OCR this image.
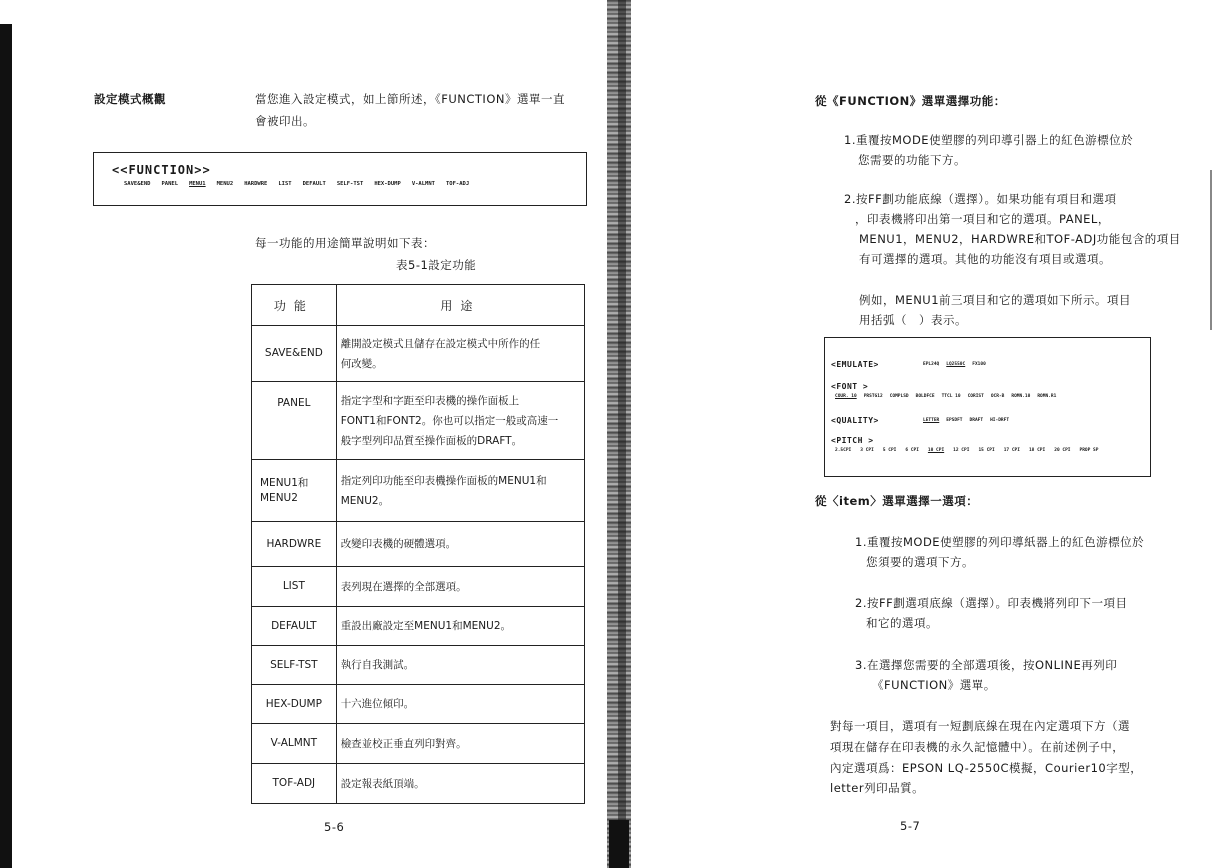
設定模式概觀	當您進入設定模式，如上節所述，《FUNCTION》選單一直
會被印出。
<<FUNCTION>>
SAVE&END PANEL MENU1 MENU2 HARDWRE LIST DEFAULT SELF-TST HEX-DUMP V-ALMNT TOF-ADJ
每一功能的用途簡單說明如下表：
表5-1設定功能
功能	用途
SAVE&END	離開設定模式且儲存在設定模式中所作的任
何改變。

PANEL	指定字型和字距至印表機的操作面板上
FONT1和FONT2。你也可以指定一般或高速一
般字型列印品質至操作面板的DRAFT。

MENU1和 MENU2	指定列印功能至印表機操作面板的MENU1和
MENU2。

HARDWRE	改變印表機的硬體選項。
LIST	表列現在選擇的全部選項。
DEFAULT	重設出廠設定至MENU1和MENU2。
SELF-TST	執行自我測試。
HEX-DUMP	十六進位傾印。
V-ALMNT	檢查並校正垂直列印對齊。
TOF-ADJ	設定報表紙頂端。
5-6
從《FUNCTION》選單選擇功能：
1.重覆按MODE使塑膠的列印導引器上的紅色游標位於
您需要的功能下方。
2.按FF劃功能底線（選擇）。如果功能有項目和選項
，印表機將印出第一項目和它的選項。PANEL，
MENU1，MENU2，HARDWRE和TOF-ADJ功能包含的項目
有可選擇的選項。其他的功能沒有項目或選項。
例如，MENU1前三項目和它的選項如下所示。項目
用括弧（　）表示。
<EMULATE>	EPL24Q LQ2550C FX100
<FONT >
COUR. 10 PRSTG12 COMPLSD BOLDFCE TTCL 10 CORIST OCR-B ROMN.10 ROMN.R1
<QUALITY>	LETTER EPSDFT DRAFT HI-DRFT
<PITCH >
2.5CPI 3 CPI 5 CPI 6 CPI 10 CPI 12 CPI 15 CPI 17 CPI 18 CPI 20 CPI PROP SP
從〈item〉選單選擇一選項：
1.重覆按MODE使塑膠的列印導紙器上的紅色游標位於
您須要的選項下方。
2.按FF劃選項底線（選擇）。印表機將列印下一項目
和它的選項。
3.在選擇您需要的全部選項後，按ONLINE再列印
《FUNCTION》選單。
對每一項目，選項有一短劃底線在現在內定選項下方（選
項現在儲存在印表機的永久記憶體中）。在前述例子中，
內定選項爲：EPSON LQ-2550C模擬，Courier10字型，
letter列印品質。
5-7
